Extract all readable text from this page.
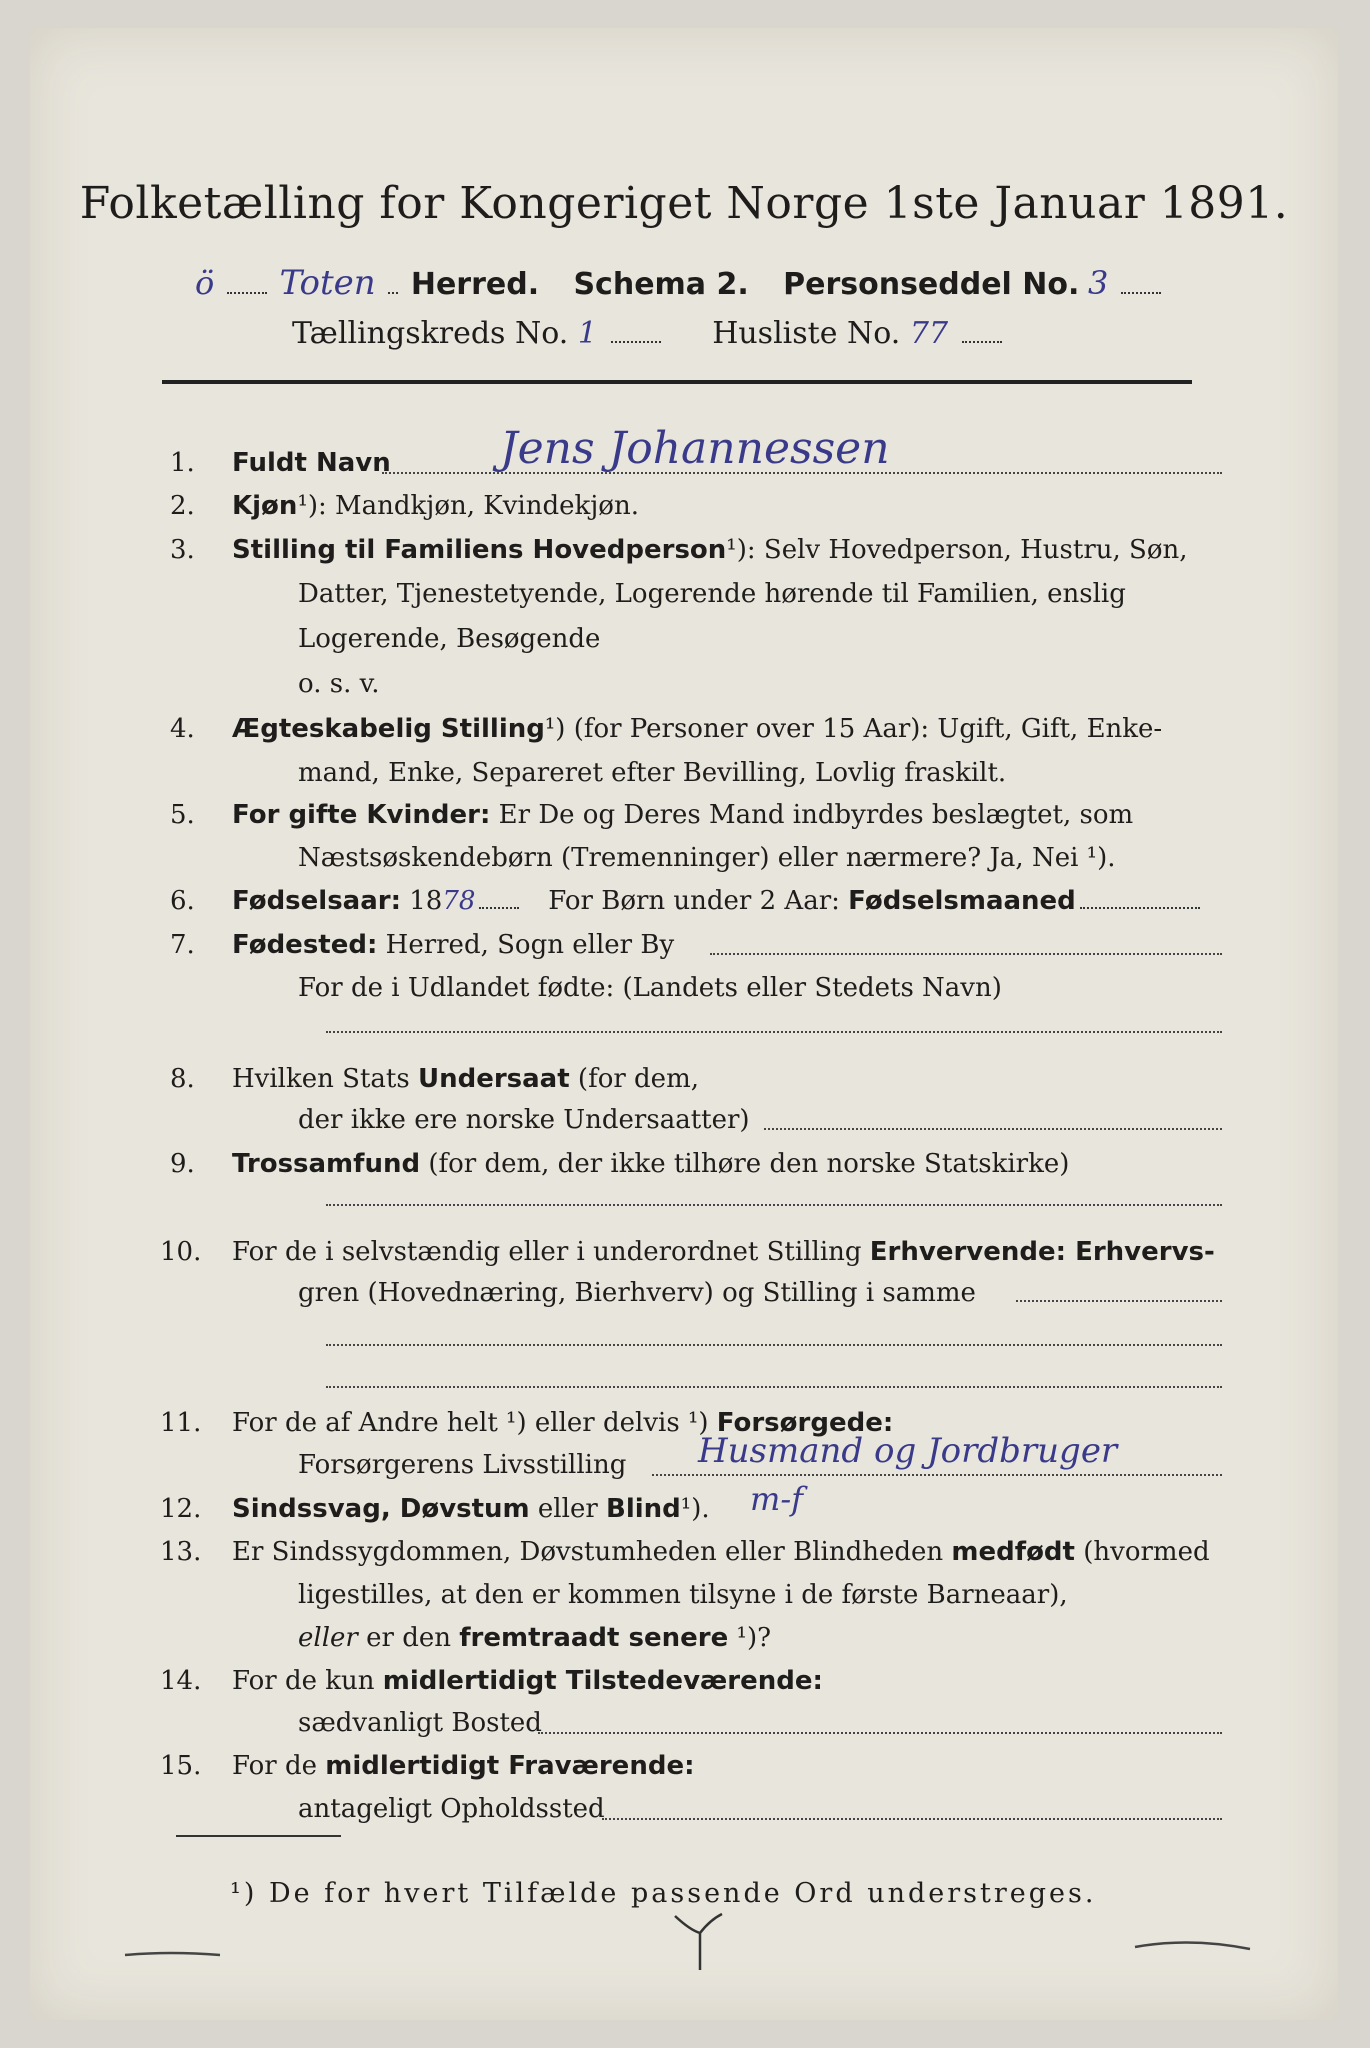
Folketælling for Kongeriget Norge 1ste Januar 1891.
ö Toten Herred. Schema 2. Personseddel No. 3
Tællingskreds No. 1	Husliste No. 77
1. Fuldt Navn Jens Johannessen
2. Kjøn¹): Mandkjøn, Kvindekjøn.
3. Stilling til Familiens Hovedperson¹): Selv Hovedperson, Hustru, Søn,
Datter, Tjenestetyende, Logerende hørende til Familien, enslig
Logerende, Besøgende
o. s. v.
4. Ægteskabelig Stilling¹) (for Personer over 15 Aar): Ugift, Gift, Enke-
mand, Enke, Separeret efter Bevilling, Lovlig fraskilt.
5. For gifte Kvinder: Er De og Deres Mand indbyrdes beslægtet, som
Næstsøskendebørn (Tremenninger) eller nærmere? Ja, Nei ¹).
6. Fødselsaar: 1878	For Børn under 2 Aar: Fødselsmaaned
7. Fødested: Herred, Sogn eller By
For de i Udlandet fødte: (Landets eller Stedets Navn)
8. Hvilken Stats Undersaat (for dem,
der ikke ere norske Undersaatter)
9. Trossamfund (for dem, der ikke tilhøre den norske Statskirke)
10. For de i selvstændig eller i underordnet Stilling Erhvervende: Erhvervs-
gren (Hovednæring, Bierhverv) og Stilling i samme
11. For de af Andre helt ¹) eller delvis ¹) Forsørgede:
Forsørgerens Livsstilling Husmand og Jordbruger
m-f
12. Sindssvag, Døvstum eller Blind¹).
13. Er Sindssygdommen, Døvstumheden eller Blindheden medfødt (hvormed
ligestilles, at den er kommen tilsyne i de første Barneaar),
eller er den fremtraadt senere ¹)?
14. For de kun midlertidigt Tilstedeværende:
sædvanligt Bosted
15. For de midlertidigt Fraværende:
antageligt Opholdssted
¹) De for hvert Tilfælde passende Ord understreges.
